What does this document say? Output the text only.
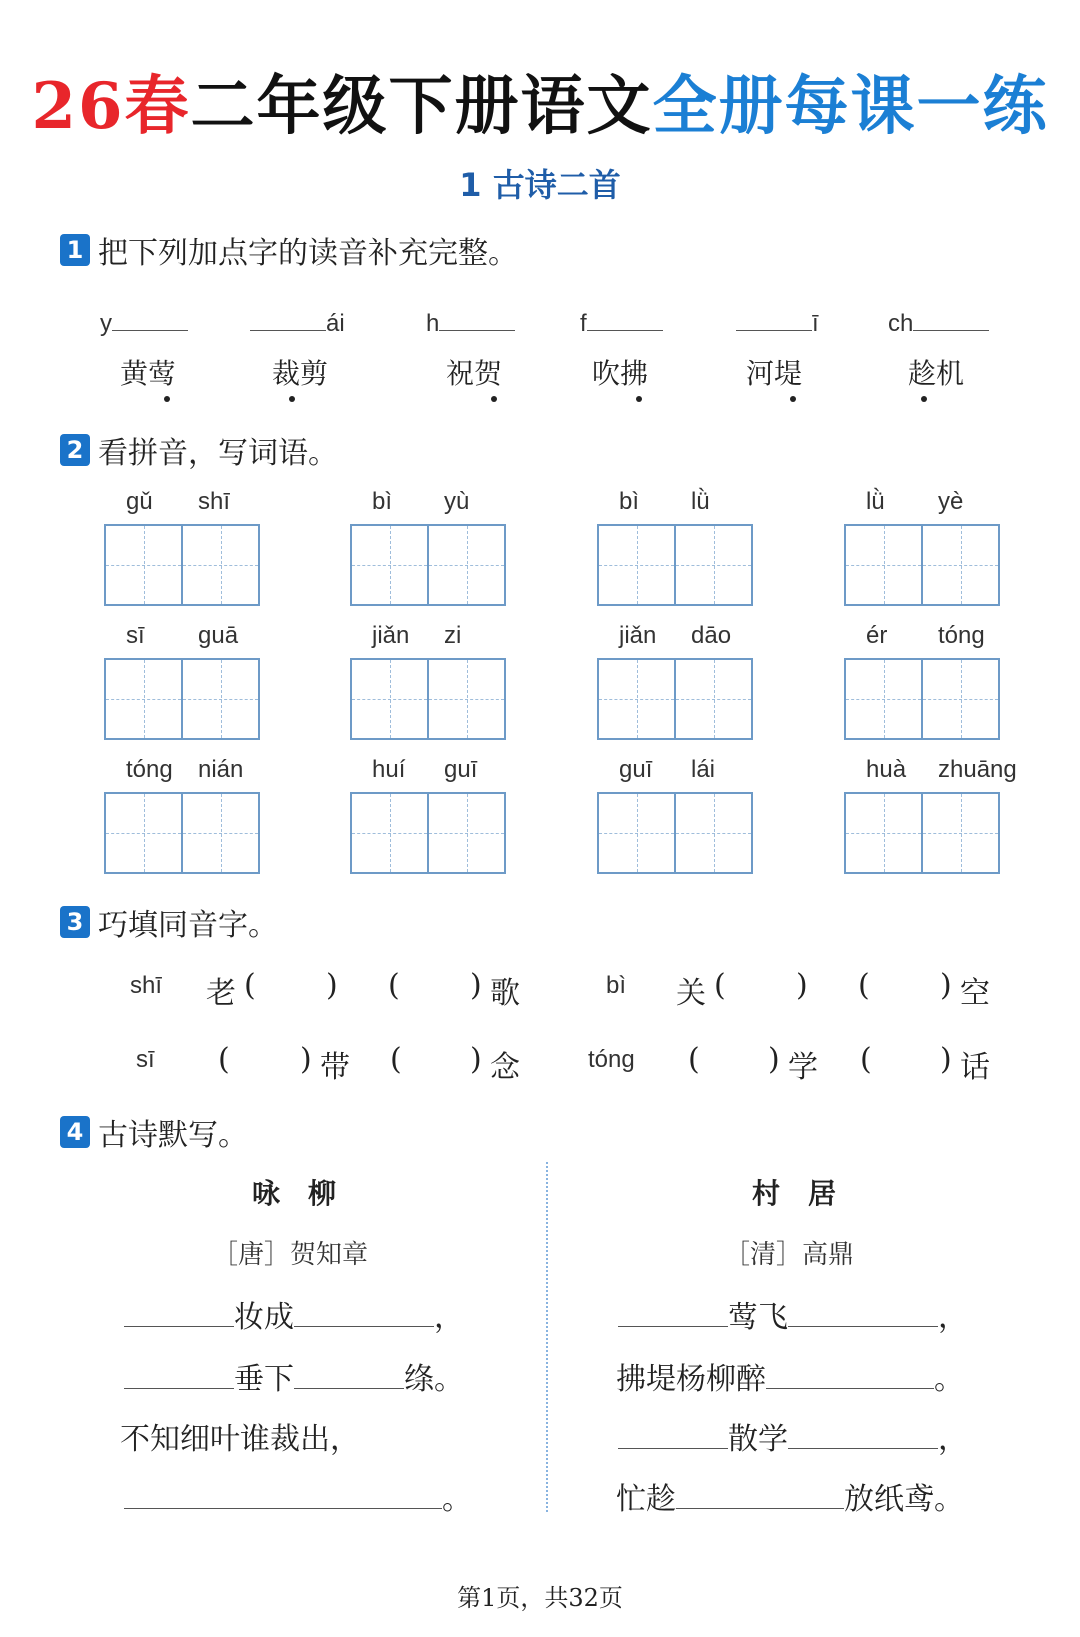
26春二年级下册语文全册每课一练
1 古诗二首
1 把下列加点字的读音补充完整。
y
黄莺
ái
裁剪
h
祝贺
f
吹拂
ī
河堤
ch
趁机
2 看拼音，写词语。
gǔ shī	bì yù	bì lǜ	lǜ yè
sī guā	jiǎn zi	jiǎn dāo	ér tóng
tóng nián	huí guī	guī lái	huà zhuāng
3 巧填同音字。
shī 老 ( ) ( ) 歌	bì 关 ( ) ( ) 空
sī ( ) 带 ( ) 念	tóng ( ) 学 ( ) 话
4 古诗默写。
咏柳
［唐］贺知章
妆成	，
垂下	绦。
不知细叶谁裁出，
。
村居
［清］高鼎
莺飞	，
拂堤杨柳醉	。
散学	，
忙趁	放纸鸢。
第1页，共32页
